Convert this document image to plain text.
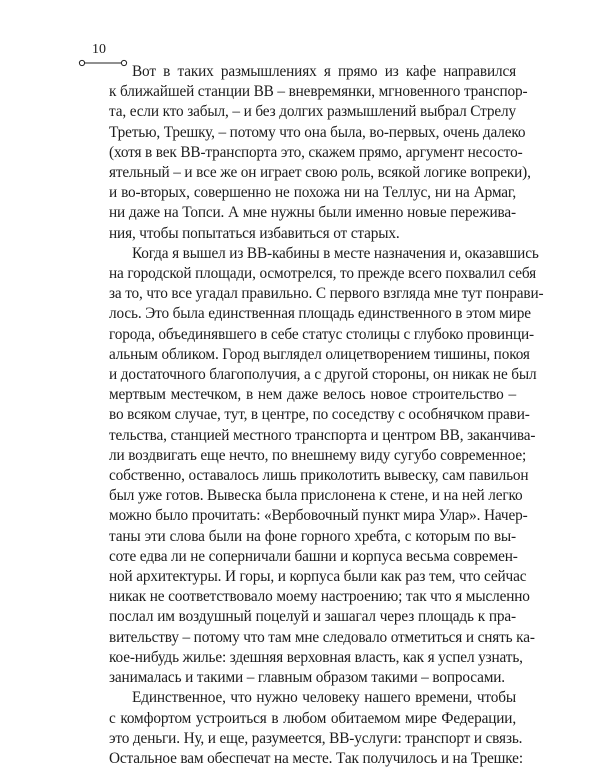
10
Вот в таких размышлениях я прямо из кафе направился
к ближайшей станции ВВ – вневремянки, мгновенного транспор-
та, если кто забыл, – и без долгих размышлений выбрал Стрелу
Третью, Трешку, – потому что она была, во-первых, очень далеко
(хотя в век ВВ-транспорта это, скажем прямо, аргумент несосто-
ятельный – и все же он играет свою роль, всякой логике вопреки),
и во-вторых, совершенно не похожа ни на Теллус, ни на Армаг,
ни даже на Топси. А мне нужны были именно новые пережива-
ния, чтобы попытаться избавиться от старых.
Когда я вышел из ВВ-кабины в месте назначения и, оказавшись
на городской площади, осмотрелся, то прежде всего похвалил себя
за то, что все угадал правильно. С первого взгляда мне тут понрави-
лось. Это была единственная площадь единственного в этом мире
города, объединявшего в себе статус столицы с глубоко провинци-
альным обликом. Город выглядел олицетворением тишины, покоя
и достаточного благополучия, а с другой стороны, он никак не был
мертвым местечком, в нем даже велось новое строительство –
во всяком случае, тут, в центре, по соседству с особнячком прави-
тельства, станцией местного транспорта и центром ВВ, заканчива-
ли воздвигать еще нечто, по внешнему виду сугубо современное;
собственно, оставалось лишь приколотить вывеску, сам павильон
был уже готов. Вывеска была прислонена к стене, и на ней легко
можно было прочитать: «Вербовочный пункт мира Улар». Начер-
таны эти слова были на фоне горного хребта, с которым по вы-
соте едва ли не соперничали башни и корпуса весьма современ-
ной архитектуры. И горы, и корпуса были как раз тем, что сейчас
никак не соответствовало моему настроению; так что я мысленно
послал им воздушный поцелуй и зашагал через площадь к пра-
вительству – потому что там мне следовало отметиться и снять ка-
кое-нибудь жилье: здешняя верховная власть, как я успел узнать,
занималась и такими – главным образом такими – вопросами.
Единственное, что нужно человеку нашего времени, чтобы
с комфортом устроиться в любом обитаемом мире Федерации,
это деньги. Ну, и еще, разумеется, ВВ-услуги: транспорт и связь.
Остальное вам обеспечат на месте. Так получилось и на Трешке:
